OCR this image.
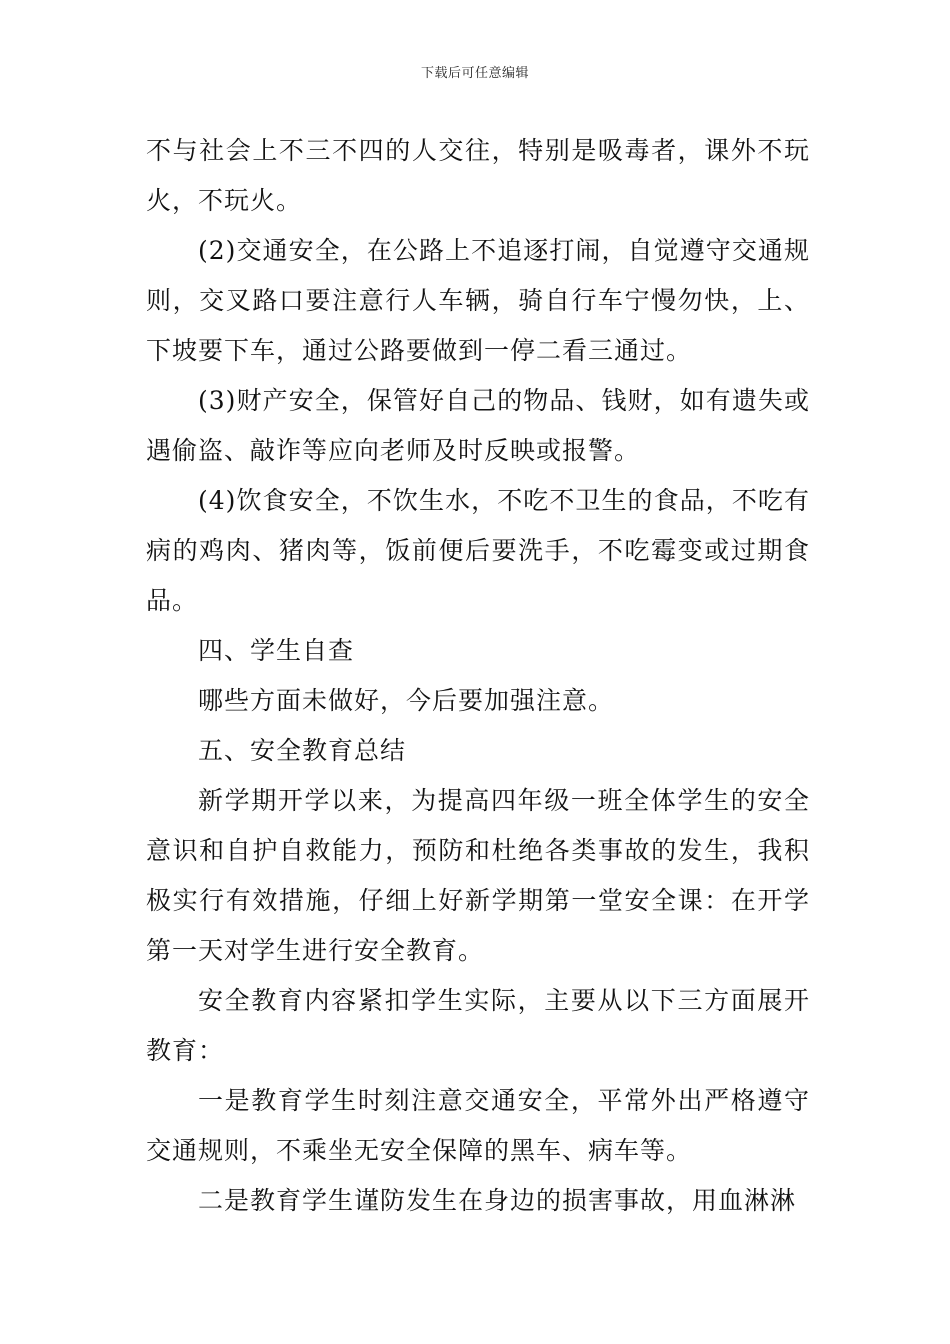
下载后可任意编辑

不与社会上不三不四的人交往，特别是吸毒者，课外不玩火，不玩火。

(2)交通安全，在公路上不追逐打闹，自觉遵守交通规则，交叉路口要注意行人车辆，骑自行车宁慢勿快，上、下坡要下车，通过公路要做到一停二看三通过。

(3)财产安全，保管好自己的物品、钱财，如有遗失或遇偷盗、敲诈等应向老师及时反映或报警。

(4)饮食安全，不饮生水，不吃不卫生的食品，不吃有病的鸡肉、猪肉等，饭前便后要洗手，不吃霉变或过期食品。

四、学生自查

哪些方面未做好，今后要加强注意。

五、安全教育总结

新学期开学以来，为提高四年级一班全体学生的安全意识和自护自救能力，预防和杜绝各类事故的发生，我积极实行有效措施，仔细上好新学期第一堂安全课：在开学第一天对学生进行安全教育。

安全教育内容紧扣学生实际，主要从以下三方面展开教育：

一是教育学生时刻注意交通安全，平常外出严格遵守交通规则，不乘坐无安全保障的黑车、病车等。

二是教育学生谨防发生在身边的损害事故，用血淋淋
